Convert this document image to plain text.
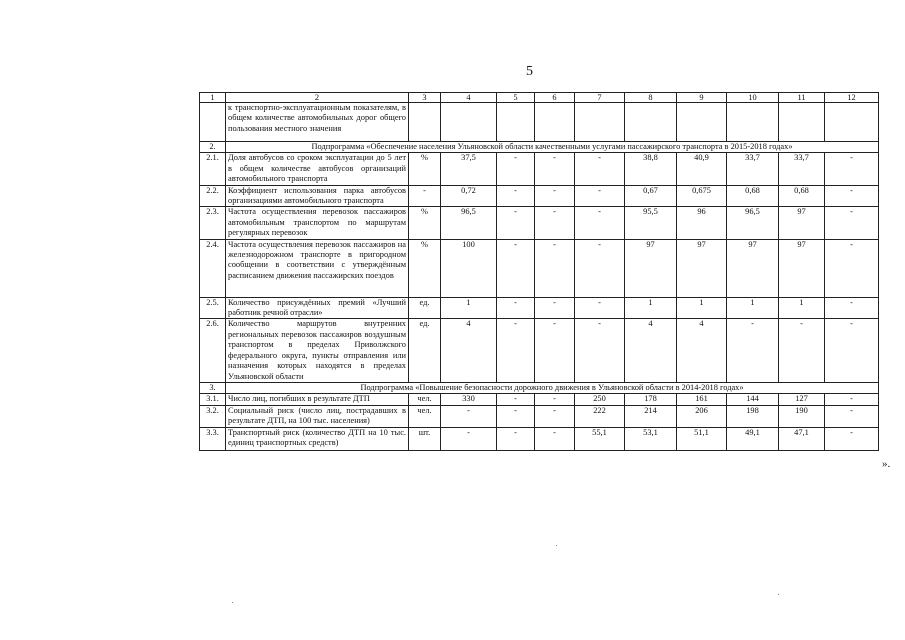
5
1	2	3	4	5	6	7	8	9	10	11	12
	к транспортно-эксплуатационным показателям, в общем количестве автомобильных дорог общего пользования местного значения										
2.	Подпрограмма «Обеспечение населения Ульяновской области качественными услугами пассажирского транспорта в 2015-2018 годах»										
2.1.	Доля автобусов со сроком эксплуатации до 5 лет в общем количестве автобусов организаций автомобильного транспорта	%	37,5	-	-	-	38,8	40,9	33,7	33,7	-
2.2.	Коэффициент использования парка автобусов организациями автомобильного транспорта	-	0,72	-	-	-	0,67	0,675	0,68	0,68	-
2.3.	Частота осуществления перевозок пассажиров автомобильным транспортом по маршрутам регулярных перевозок	%	96,5	-	-	-	95,5	96	96,5	97	-
2.4.	Частота осуществления перевозок пассажиров на железнодорожном транспорте в пригородном сообщении в соответствии с утверждённым расписанием движения пассажирских поездов	%	100	-	-	-	97	97	97	97	-
2.5.	Количество присуждённых премий «Лучший работник речной отрасли»	ед.	1	-	-	-	1	1	1	1	-
2.6.	Количество маршрутов внутренних региональных перевозок пассажиров воздушным транспортом в пределах Приволжского федерального округа, пункты отправления или назначения которых находятся в пределах Ульяновской области	ед.	4	-	-	-	4	4	-	-	-
3.	Подпрограмма «Повышение безопасности дорожного движения в Ульяновской области в 2014-2018 годах»										
3.1.	Число лиц, погибших в результате ДТП	чел.	330	-	-	250	178	161	144	127	-
3.2.	Социальный риск (число лиц, пострадавших в результате ДТП, на 100 тыс. населения)	чел.	-	-	-	222	214	206	198	190	-
3.3.	Транспортный риск (количество ДТП на 10 тыс. единиц транспортных средств)	шт.	-	-	-	55,1	53,1	51,1	49,1	47,1	-
».
